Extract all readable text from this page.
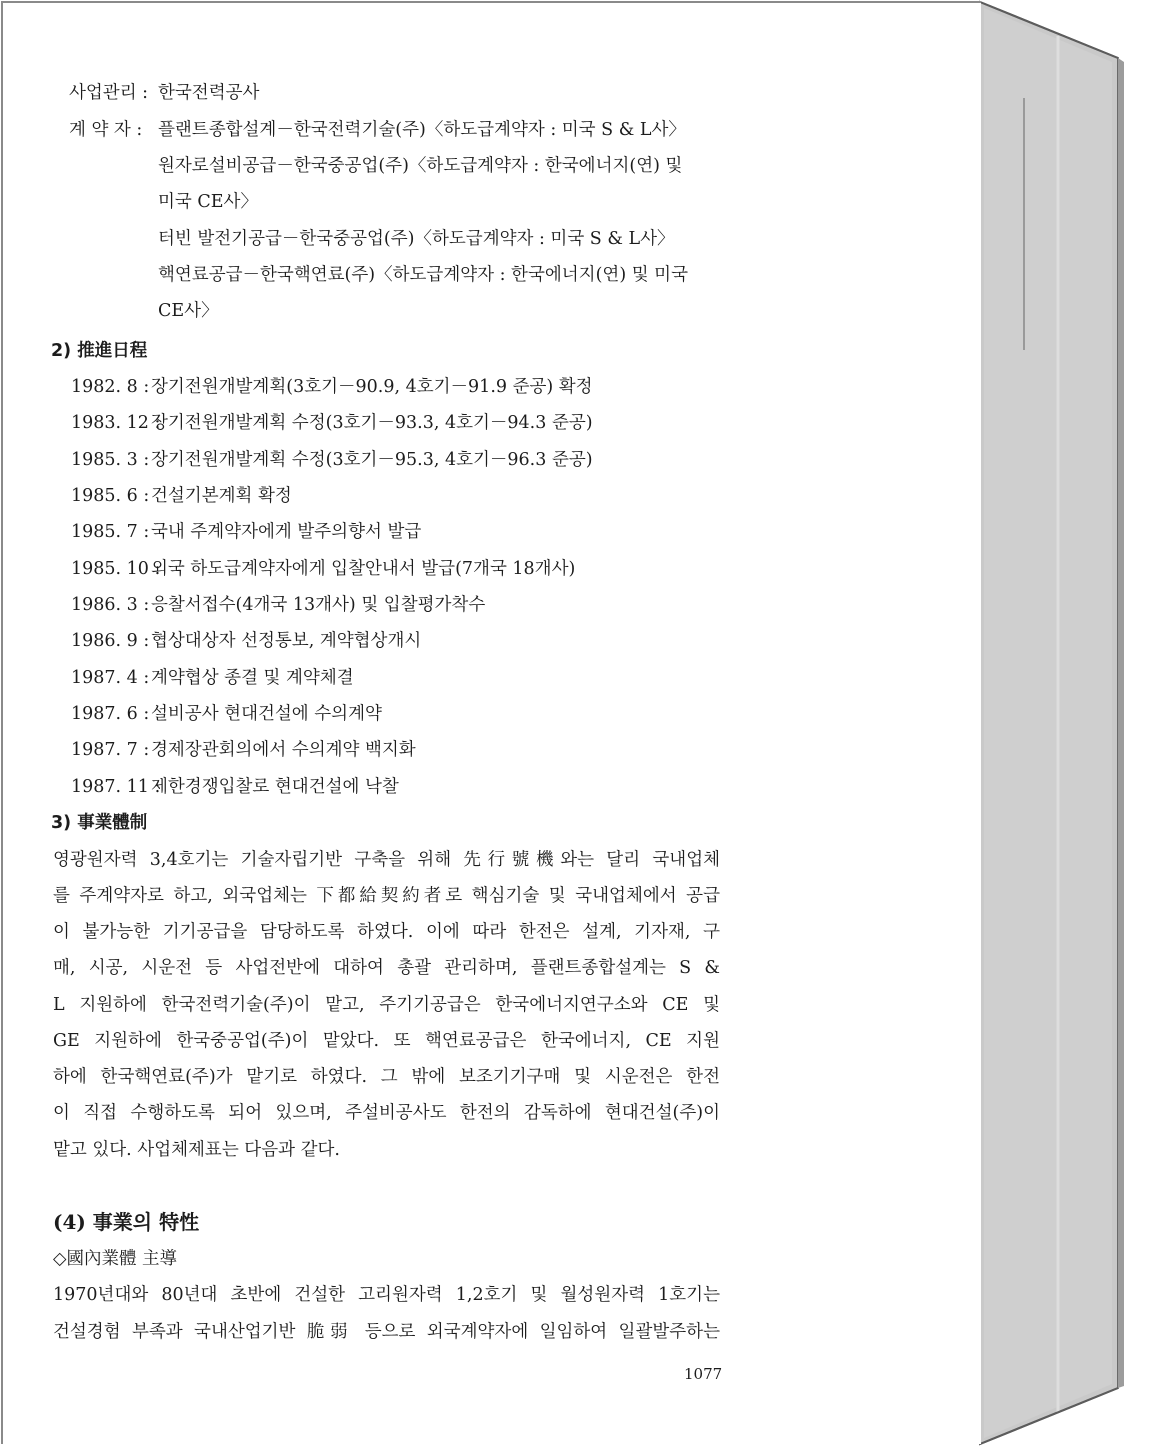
사업관리 : 한국전력공사
계 약 자 : 플랜트종합설계－한국전력기술(주)〈하도급계약자 : 미국 S & L사〉
원자로설비공급－한국중공업(주)〈하도급계약자 : 한국에너지(연) 및
미국 CE사〉
터빈 발전기공급－한국중공업(주)〈하도급계약자 : 미국 S & L사〉
핵연료공급－한국핵연료(주)〈하도급계약자 : 한국에너지(연) 및 미국
CE사〉
2) 推進日程
1982. 8 :장기전원개발계획(3호기－90.9, 4호기－91.9 준공) 확정
1983. 12 :장기전원개발계획 수정(3호기－93.3, 4호기－94.3 준공)
1985. 3 :장기전원개발계획 수정(3호기－95.3, 4호기－96.3 준공)
1985. 6 :건설기본계획 확정
1985. 7 :국내 주계약자에게 발주의향서 발급
1985. 10 :외국 하도급계약자에게 입찰안내서 발급(7개국 18개사)
1986. 3 :응찰서접수(4개국 13개사) 및 입찰평가착수
1986. 9 :협상대상자 선정통보, 계약협상개시
1987. 4 :계약협상 종결 및 계약체결
1987. 6 :설비공사 현대건설에 수의계약
1987. 7 :경제장관회의에서 수의계약 백지화
1987. 11 :제한경쟁입찰로 현대건설에 낙찰
3) 事業體制
영광원자력 3,4호기는 기술자립기반 구축을 위해 先行號機와는 달리 국내업체
를 주계약자로 하고, 외국업체는 下都給契約者로 핵심기술 및 국내업체에서 공급
이 불가능한 기기공급을 담당하도록 하였다. 이에 따라 한전은 설계, 기자재, 구
매, 시공, 시운전 등 사업전반에 대하여 총괄 관리하며, 플랜트종합설계는 S &
L 지원하에 한국전력기술(주)이 맡고, 주기기공급은 한국에너지연구소와 CE 및
GE 지원하에 한국중공업(주)이 맡았다. 또 핵연료공급은 한국에너지, CE 지원
하에 한국핵연료(주)가 맡기로 하였다. 그 밖에 보조기기구매 및 시운전은 한전
이 직접 수행하도록 되어 있으며, 주설비공사도 한전의 감독하에 현대건설(주)이
맡고 있다. 사업체제표는 다음과 같다.
(4) 事業의 特性
◇國內業體 主導
1970년대와 80년대 초반에 건설한 고리원자력 1,2호기 및 월성원자력 1호기는
건설경험 부족과 국내산업기반 脆弱 등으로 외국계약자에 일임하여 일괄발주하는
1077
